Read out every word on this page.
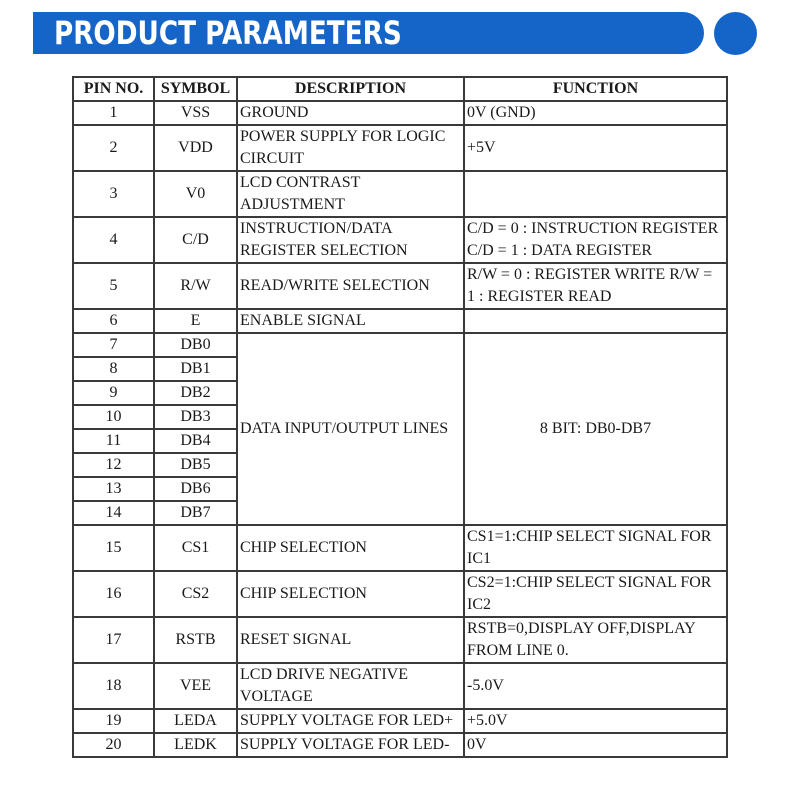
PRODUCT PARAMETERS
PIN NO.	SYMBOL	DESCRIPTION	FUNCTION
1	VSS	GROUND	0V (GND)
2	VDD	POWER SUPPLY FOR LOGIC CIRCUIT	+5V
3	V0	LCD CONTRAST ADJUSTMENT	
4	C/D	INSTRUCTION/DATA REGISTER SELECTION	C/D = 0 : INSTRUCTION REGISTER C/D = 1 : DATA REGISTER
5	R/W	READ/WRITE SELECTION	R/W = 0 : REGISTER WRITE R/W = 1 : REGISTER READ
6	E	ENABLE SIGNAL	
7	DB0	DATA INPUT/OUTPUT LINES	8 BIT: DB0-DB7
8	DB1		
9	DB2		
10	DB3		
11	DB4		
12	DB5		
13	DB6		
14	DB7		
15	CS1	CHIP SELECTION	CS1=1:CHIP SELECT SIGNAL FOR IC1
16	CS2	CHIP SELECTION	CS2=1:CHIP SELECT SIGNAL FOR IC2
17	RSTB	RESET SIGNAL	RSTB=0,DISPLAY OFF,DISPLAY FROM LINE 0.
18	VEE	LCD DRIVE NEGATIVE VOLTAGE	-5.0V
19	LEDA	SUPPLY VOLTAGE FOR LED+	+5.0V
20	LEDK	SUPPLY VOLTAGE FOR LED-	0V
